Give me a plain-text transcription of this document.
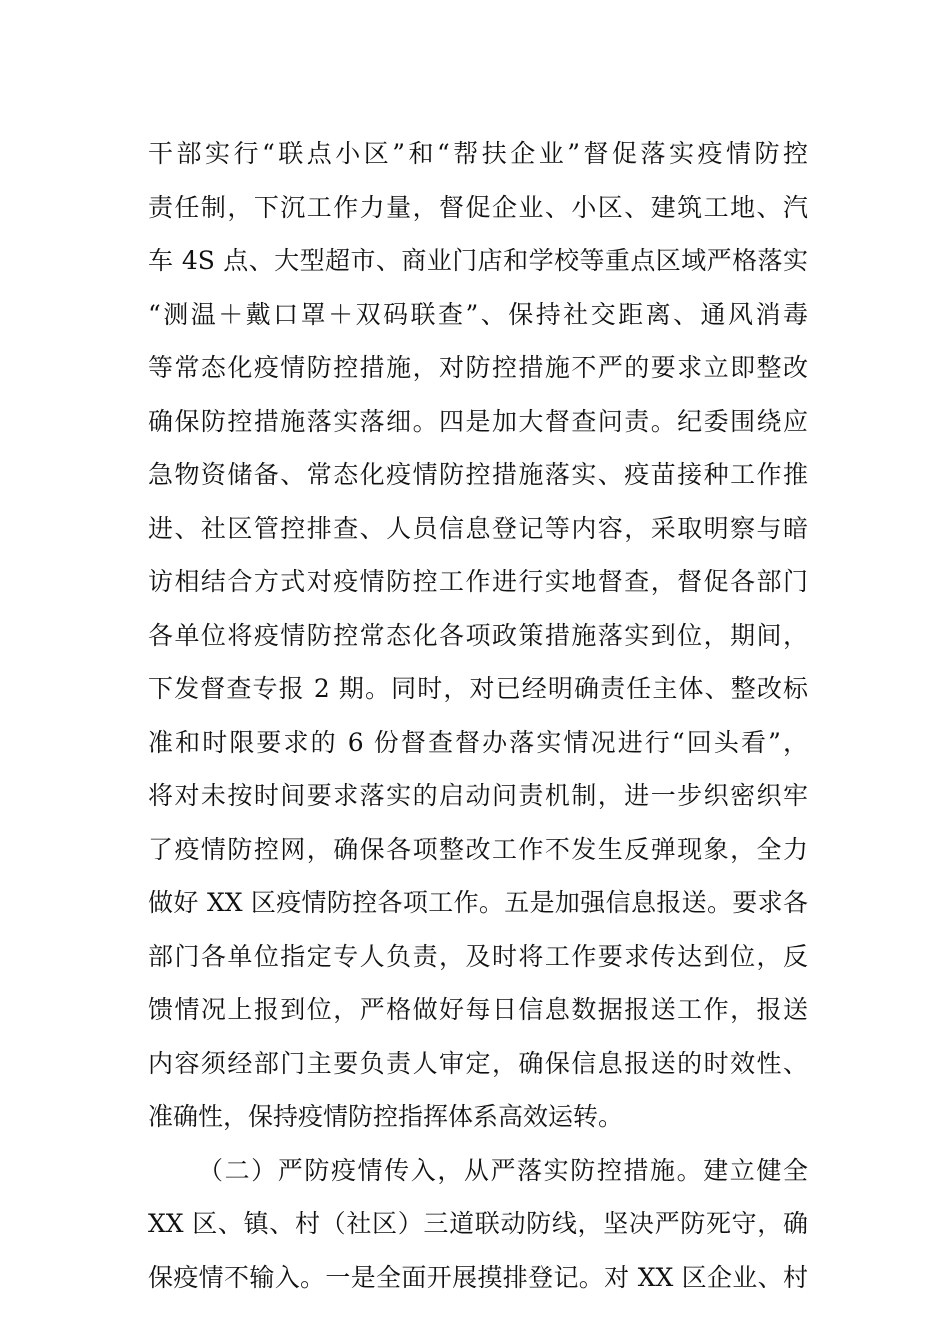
干部实行“联点小区”和“帮扶企业”督促落实疫情防控
责任制，下沉工作力量，督促企业、小区、建筑工地、汽
车 4S 点、大型超市、商业门店和学校等重点区域严格落实
“测温＋戴口罩＋双码联查”、保持社交距离、通风消毒
等常态化疫情防控措施，对防控措施不严的要求立即整改
确保防控措施落实落细。四是加大督查问责。纪委围绕应
急物资储备、常态化疫情防控措施落实、疫苗接种工作推
进、社区管控排查、人员信息登记等内容，采取明察与暗
访相结合方式对疫情防控工作进行实地督查，督促各部门
各单位将疫情防控常态化各项政策措施落实到位，期间，
下发督查专报 2 期。同时，对已经明确责任主体、整改标
准和时限要求的 6 份督查督办落实情况进行“回头看”，
将对未按时间要求落实的启动问责机制，进一步织密织牢
了疫情防控网，确保各项整改工作不发生反弹现象，全力
做好 XX 区疫情防控各项工作。五是加强信息报送。要求各
部门各单位指定专人负责，及时将工作要求传达到位，反
馈情况上报到位，严格做好每日信息数据报送工作，报送
内容须经部门主要负责人审定，确保信息报送的时效性、
准确性，保持疫情防控指挥体系高效运转。
（二）严防疫情传入，从严落实防控措施。建立健全
XX 区、镇、村（社区）三道联动防线，坚决严防死守，确
保疫情不输入。一是全面开展摸排登记。对 XX 区企业、村
